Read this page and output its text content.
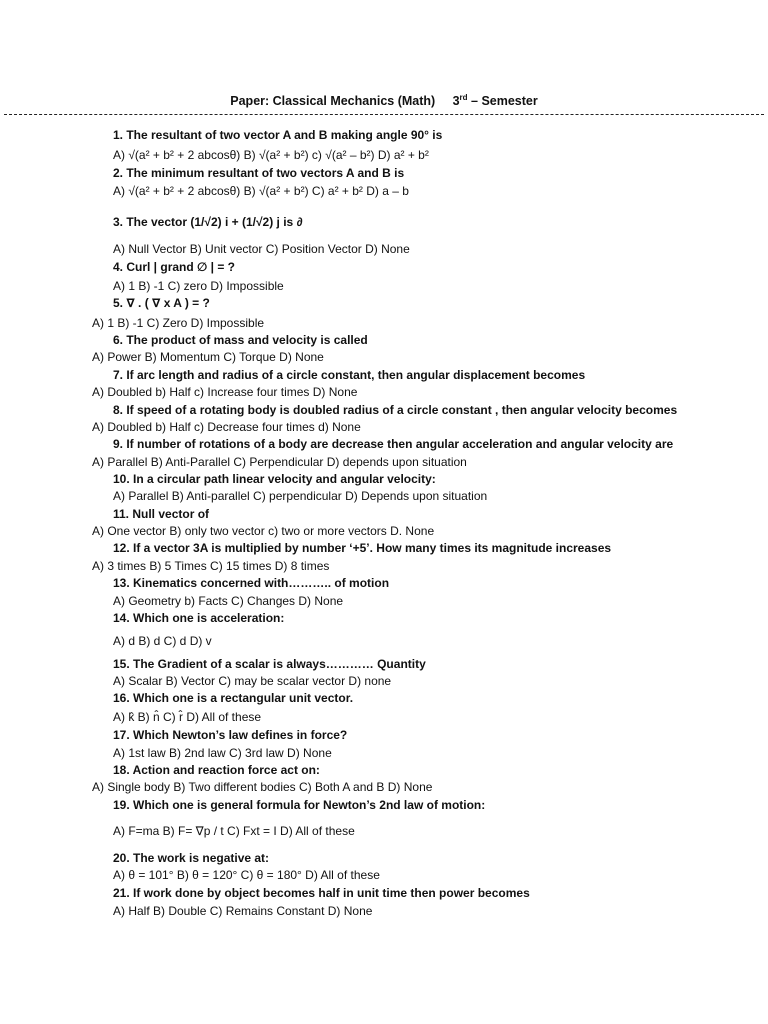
Paper: Classical Mechanics (Math) 3rd – Semester
1. The resultant of two vector A and B making angle 90° is
A) √(a² + b² + 2 abcosθ) B) √(a² + b²) c) √(a² – b²) D) a² + b²
2. The minimum resultant of two vectors A and B is
A) √(a² + b² + 2 abcosθ) B) √(a² + b²) C) a² + b² D) a – b
3. The vector (1/√2) i + (1/√2) j is ∂
A) Null Vector B) Unit vector C) Position Vector D) None
4. Curl | grand ∅ | = ?
A) 1 B) -1 C) zero D) Impossible
5. ∇ . ( ∇ x A ) = ?
A) 1 B) -1 C) Zero D) Impossible
6. The product of mass and velocity is called
A) Power B) Momentum C) Torque D) None
7. If arc length and radius of a circle constant, then angular displacement becomes
A) Doubled b) Half c) Increase four times D) None
8. If speed of a rotating body is doubled radius of a circle constant , then angular velocity becomes
A) Doubled b) Half c) Decrease four times d) None
9. If number of rotations of a body are decrease then angular acceleration and angular velocity are
A) Parallel B) Anti-Parallel C) Perpendicular D) depends upon situation
10. In a circular path linear velocity and angular velocity:
A) Parallel B) Anti-parallel C) perpendicular D) Depends upon situation
11. Null vector of
A) One vector B) only two vector c) two or more vectors D. None
12. If a vector 3A is multiplied by number ‘+5’. How many times its magnitude increases
A) 3 times B) 5 Times C) 15 times D) 8 times
13. Kinematics concerned with……….. of motion
A) Geometry b) Facts C) Changes D) None
14. Which one is acceleration:
A) d B) d C) d D) v
15. The Gradient of a scalar is always………… Quantity
A) Scalar B) Vector C) may be scalar vector D) none
16. Which one is a rectangular unit vector.
A) k̂ B) n̂ C) r̂ D) All of these
17. Which Newton’s law defines in force?
A) 1st law B) 2nd law C) 3rd law D) None
18. Action and reaction force act on:
A) Single body B) Two different bodies C) Both A and B D) None
19. Which one is general formula for Newton’s 2nd law of motion:
A) F=ma B) F= ∇p / t C) Fxt = I D) All of these
20. The work is negative at:
A) θ = 101° B) θ = 120° C) θ = 180° D) All of these
21. If work done by object becomes half in unit time then power becomes
A) Half B) Double C) Remains Constant D) None
